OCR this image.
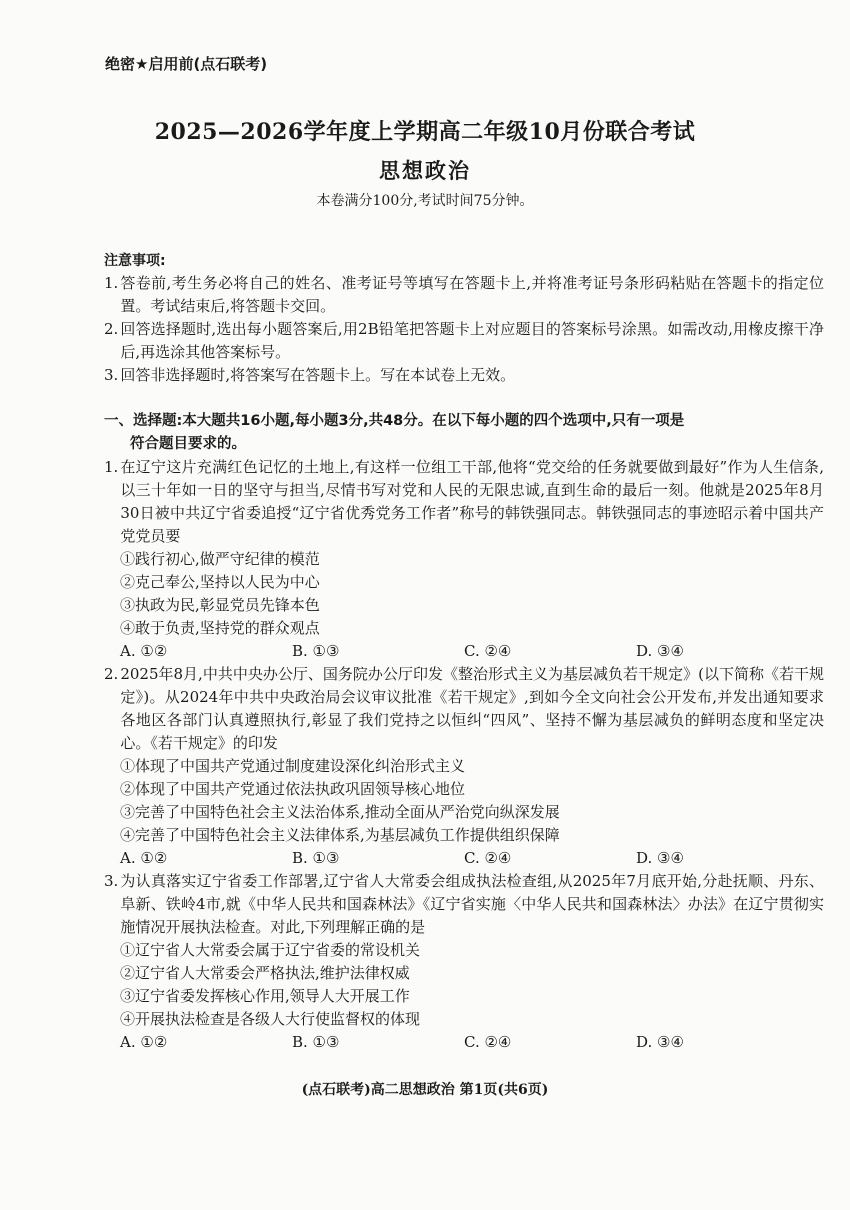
绝密★启用前(点石联考)
2025—2026学年度上学期高二年级10月份联合考试
思想政治
本卷满分100分,考试时间75分钟。
注意事项:
1. 答卷前,考生务必将自己的姓名、准考证号等填写在答题卡上,并将准考证号条形码粘贴在答题卡的指定位置。考试结束后,将答题卡交回。
2. 回答选择题时,选出每小题答案后,用2B铅笔把答题卡上对应题目的答案标号涂黑。如需改动,用橡皮擦干净后,再选涂其他答案标号。
3. 回答非选择题时,将答案写在答题卡上。写在本试卷上无效。
一、选择题:本大题共16小题,每小题3分,共48分。在以下每小题的四个选项中,只有一项是
符合题目要求的。
1. 在辽宁这片充满红色记忆的土地上,有这样一位组工干部,他将“党交给的任务就要做到最好”作为人生信条,以三十年如一日的坚守与担当,尽情书写对党和人民的无限忠诚,直到生命的最后一刻。他就是2025年8月30日被中共辽宁省委追授“辽宁省优秀党务工作者”称号的韩铁强同志。韩铁强同志的事迹昭示着中国共产党党员要
①践行初心,做严守纪律的模范
②克己奉公,坚持以人民为中心
③执政为民,彰显党员先锋本色
④敢于负责,坚持党的群众观点
A. ①②	B. ①③	C. ②④	D. ③④
2. 2025年8月,中共中央办公厅、国务院办公厅印发《整治形式主义为基层减负若干规定》(以下简称《若干规定》)。从2024年中共中央政治局会议审议批准《若干规定》,到如今全文向社会公开发布,并发出通知要求各地区各部门认真遵照执行,彰显了我们党持之以恒纠“四风”、坚持不懈为基层减负的鲜明态度和坚定决心。《若干规定》的印发
①体现了中国共产党通过制度建设深化纠治形式主义
②体现了中国共产党通过依法执政巩固领导核心地位
③完善了中国特色社会主义法治体系,推动全面从严治党向纵深发展
④完善了中国特色社会主义法律体系,为基层减负工作提供组织保障
A. ①②	B. ①③	C. ②④	D. ③④
3. 为认真落实辽宁省委工作部署,辽宁省人大常委会组成执法检查组,从2025年7月底开始,分赴抚顺、丹东、阜新、铁岭4市,就《中华人民共和国森林法》《辽宁省实施〈中华人民共和国森林法〉办法》在辽宁贯彻实施情况开展执法检查。对此,下列理解正确的是
①辽宁省人大常委会属于辽宁省委的常设机关
②辽宁省人大常委会严格执法,维护法律权威
③辽宁省委发挥核心作用,领导人大开展工作
④开展执法检查是各级人大行使监督权的体现
A. ①②	B. ①③	C. ②④	D. ③④
(点石联考)高二思想政治 第1页(共6页)
